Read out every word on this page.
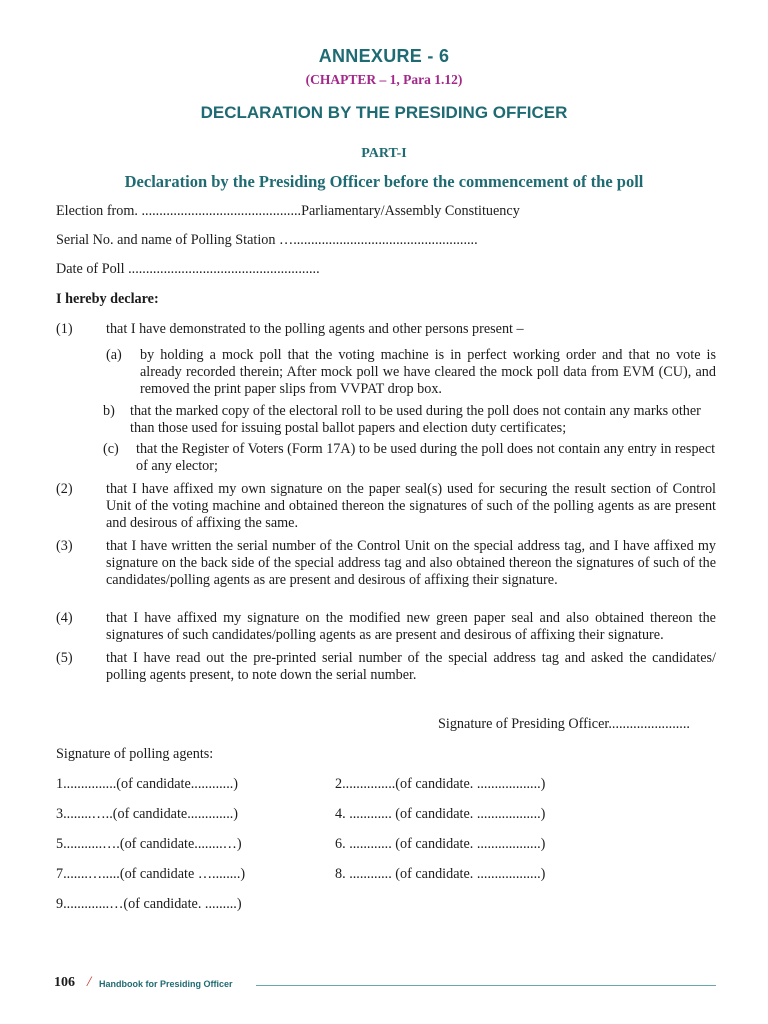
ANNEXURE - 6
(CHAPTER – 1, Para 1.12)
DECLARATION BY THE PRESIDING OFFICER
PART-I
Declaration by the Presiding Officer before the commencement of the poll
Election from. .............................................Parliamentary/Assembly Constituency
Serial No. and name of Polling Station …....................................................
Date of Poll ......................................................
I hereby declare:
(1) that I have demonstrated to the polling agents and other persons present –
(a) by holding a mock poll that the voting machine is in perfect working order and that no vote is already recorded therein; After mock poll we have cleared the mock poll data from EVM (CU), and removed the print paper slips from VVPAT drop box.
b) that the marked copy of the electoral roll to be used during the poll does not contain any marks other than those used for issuing postal ballot papers and election duty certificates;
(c) that the Register of Voters (Form 17A) to be used during the poll does not contain any entry in respect of any elector;
(2) that I have affixed my own signature on the paper seal(s) used for securing the result section of Control Unit of the voting machine and obtained thereon the signatures of such of the polling agents as are present and desirous of affixing the same.
(3) that I have written the serial number of the Control Unit on the special address tag, and I have affixed my signature on the back side of the special address tag and also obtained thereon the signatures of such of the candidates/polling agents as are present and desirous of affixing their signature.
(4) that I have affixed my signature on the modified new green paper seal and also obtained thereon the signatures of such candidates/polling agents as are present and desirous of affixing their signature.
(5) that I have read out the pre-printed serial number of the special address tag and asked the candidates/ polling agents present, to note down the serial number.
Signature of Presiding Officer.......................
Signature of polling agents:
1...............(of candidate............)	2...............(of candidate. ..................)
3........…..(of candidate.............)	4. ............ (of candidate. ..................)
5...........….(of candidate........…)	6. ............ (of candidate. ..................)
7.......….....(of candidate …........)	8. ............ (of candidate. ..................)
9.............…(of candidate. .........)
106 / Handbook for Presiding Officer
